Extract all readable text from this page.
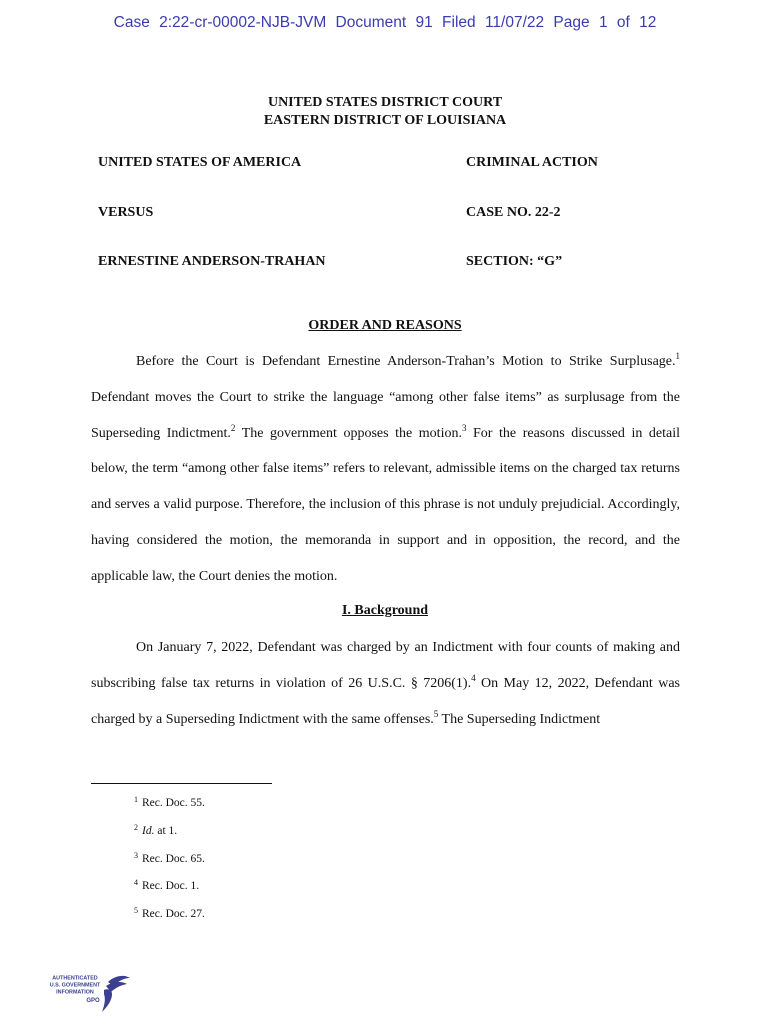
Case 2:22-cr-00002-NJB-JVM Document 91 Filed 11/07/22 Page 1 of 12
UNITED STATES DISTRICT COURT
EASTERN DISTRICT OF LOUISIANA
UNITED STATES OF AMERICA	CRIMINAL ACTION
VERSUS	CASE NO. 22-2
ERNESTINE ANDERSON-TRAHAN	SECTION: “G”
ORDER AND REASONS

Before the Court is Defendant Ernestine Anderson-Trahan’s Motion to Strike Surplusage.$^1$ Defendant moves the Court to strike the language “among other false items” as surplusage from the Superseding Indictment.$^2$ The government opposes the motion.$^3$ For the reasons discussed in detail below, the term “among other false items” refers to relevant, admissible items on the charged tax returns and serves a valid purpose. Therefore, the inclusion of this phrase is not unduly prejudicial. Accordingly, having considered the motion, the memoranda in support and in opposition, the record, and the applicable law, the Court denies the motion.

I. Background

On January 7, 2022, Defendant was charged by an Indictment with four counts of making and subscribing false tax returns in violation of 26 U.S.C. § 7206(1).$^4$ On May 12, 2022, Defendant was charged by a Superseding Indictment with the same offenses.$^5$ The Superseding Indictment

$^1$ Rec. Doc. 55.
$^2$ Id. at 1.
$^3$ Rec. Doc. 65.
$^4$ Rec. Doc. 1.
$^5$ Rec. Doc. 27.
AUTHENTICATED
U.S. GOVERNMENT
INFORMATION
GPO
